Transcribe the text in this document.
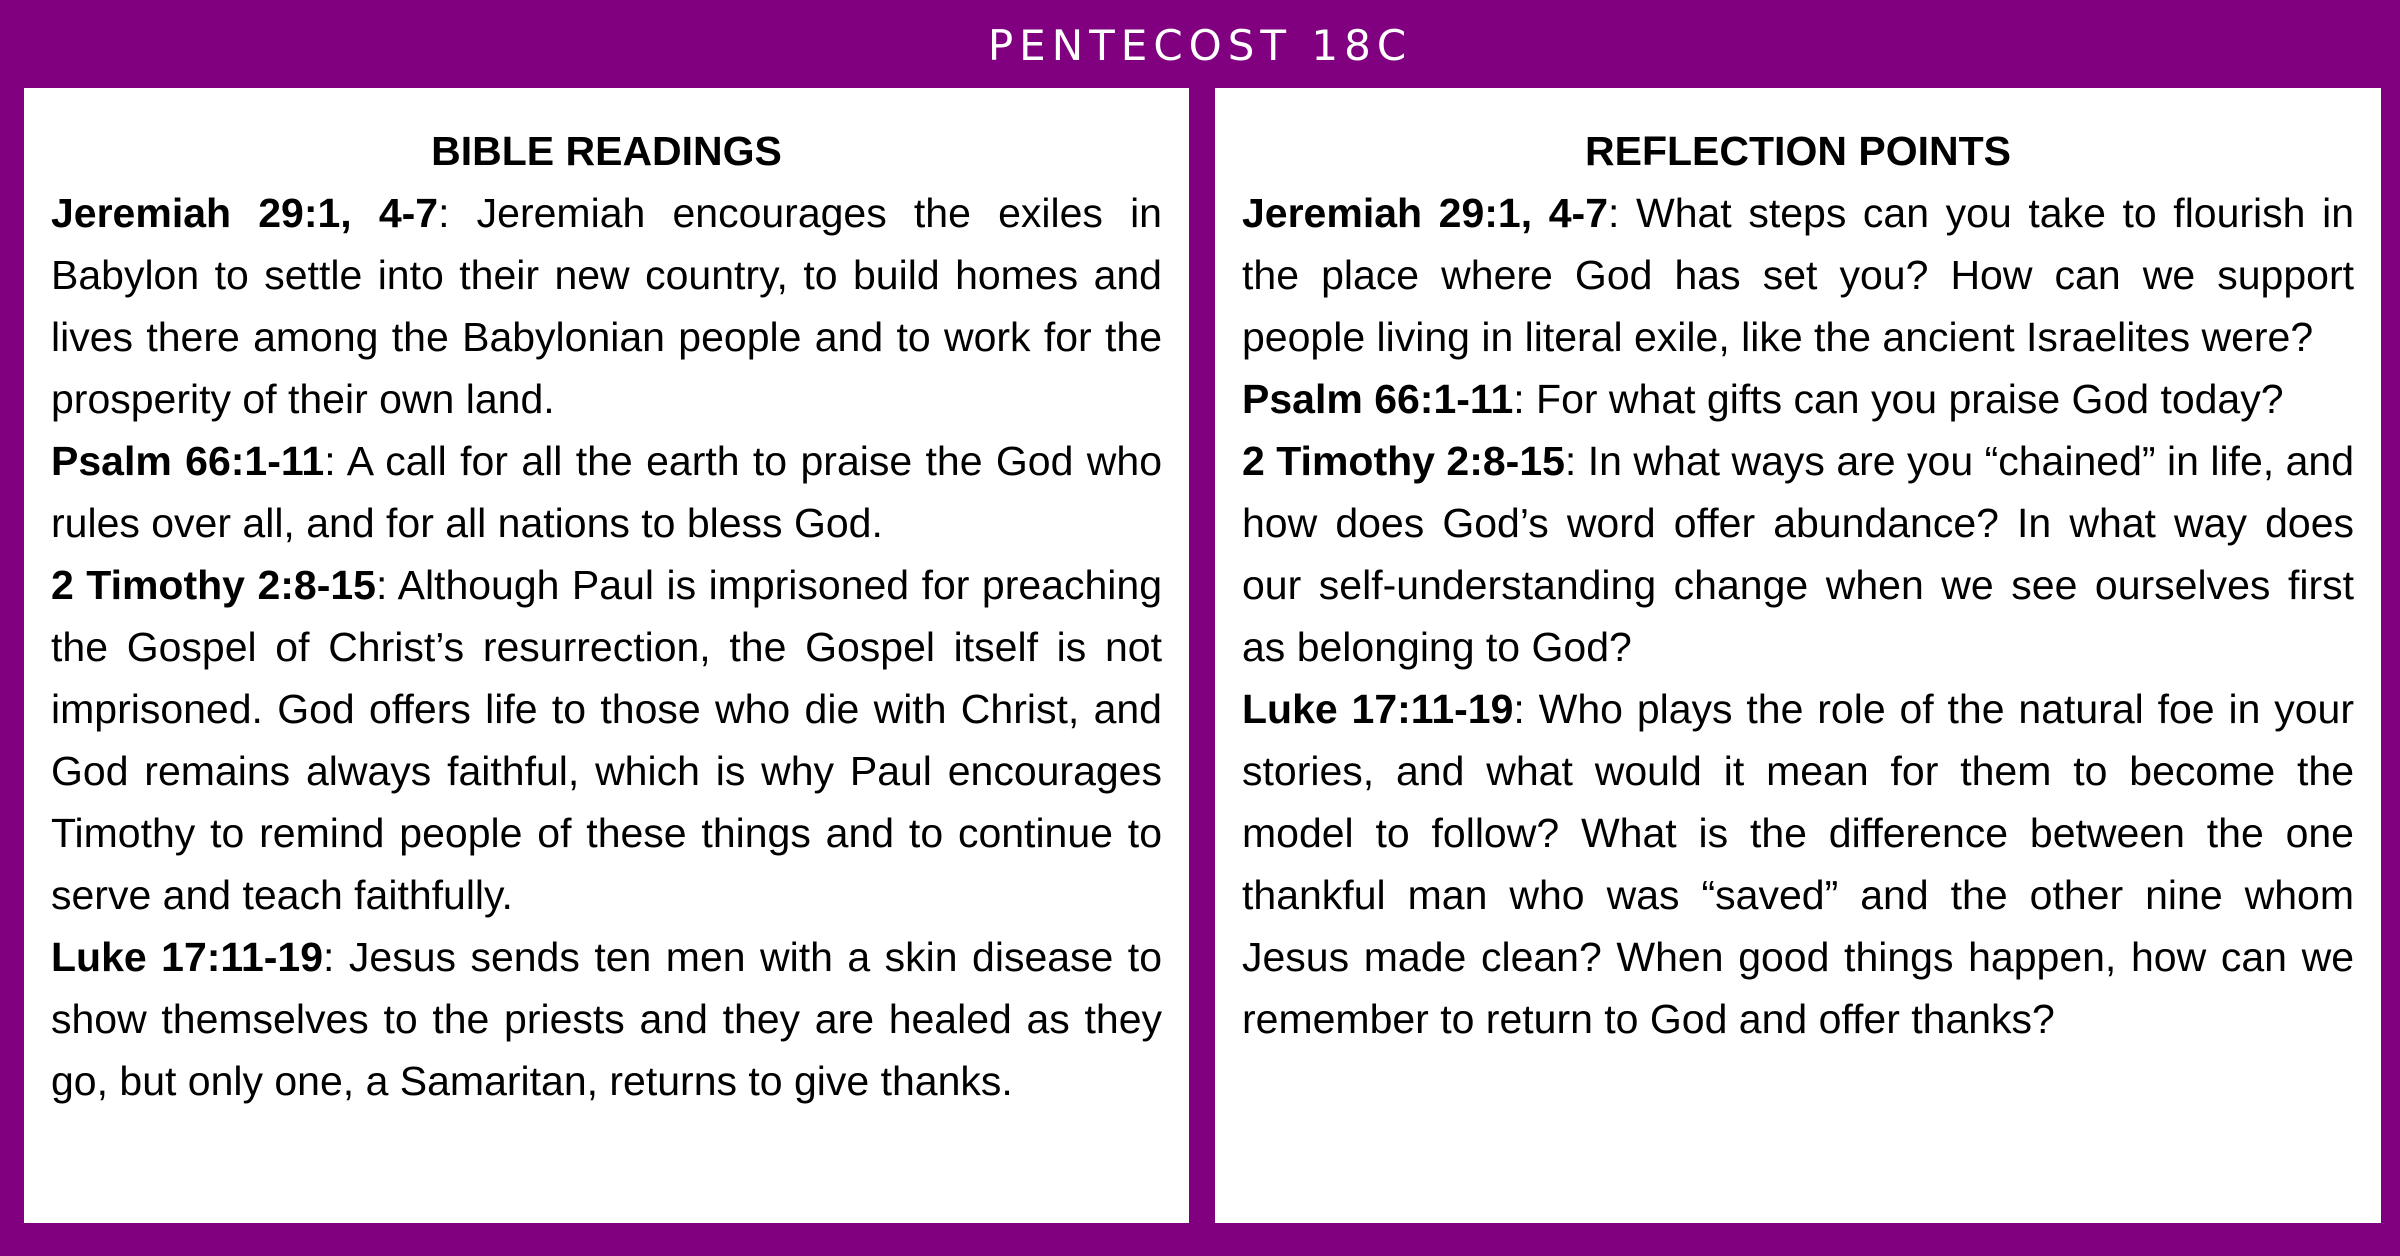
PENTECOST 18C

BIBLE READINGS

Jeremiah 29:1, 4-7: Jeremiah encourages the exiles in Babylon to settle into their new country, to build homes and lives there among the Babylonian people and to work for the prosperity of their own land.

Psalm 66:1-11: A call for all the earth to praise the God who rules over all, and for all nations to bless God.

2 Timothy 2:8-15: Although Paul is imprisoned for preaching the Gospel of Christ’s resurrection, the Gospel itself is not imprisoned. God offers life to those who die with Christ, and God remains always faithful, which is why Paul encourages Timothy to remind people of these things and to continue to serve and teach faithfully.

Luke 17:11-19: Jesus sends ten men with a skin disease to show themselves to the priests and they are healed as they go, but only one, a Samaritan, returns to give thanks.

REFLECTION POINTS

Jeremiah 29:1, 4-7: What steps can you take to flourish in the place where God has set you? How can we support people living in literal exile, like the ancient Israelites were?

Psalm 66:1-11: For what gifts can you praise God today?

2 Timothy 2:8-15: In what ways are you “chained” in life, and how does God’s word offer abundance? In what way does our self-understanding change when we see ourselves first as belonging to God?

Luke 17:11-19: Who plays the role of the natural foe in your stories, and what would it mean for them to become the model to follow? What is the difference between the one thankful man who was “saved” and the other nine whom Jesus made clean? When good things happen, how can we remember to return to God and offer thanks?
